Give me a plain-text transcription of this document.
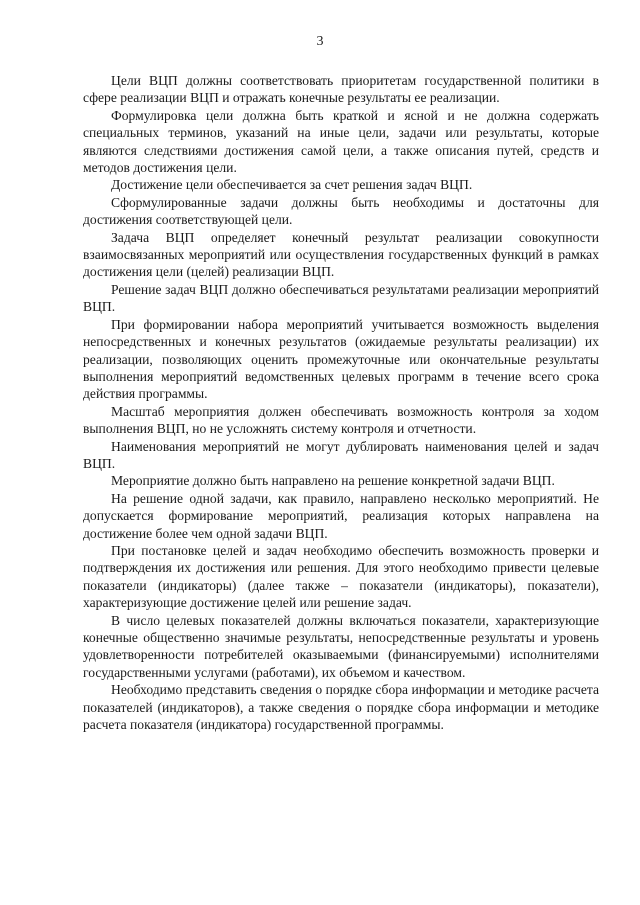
3

Цели ВЦП должны соответствовать приоритетам государственной политики в сфере реализации ВЦП и отражать конечные результаты ее реализации.

Формулировка цели должна быть краткой и ясной и не должна содержать специальных терминов, указаний на иные цели, задачи или результаты, которые являются следствиями достижения самой цели, а также описания путей, средств и методов достижения цели.

Достижение цели обеспечивается за счет решения задач ВЦП.

Сформулированные задачи должны быть необходимы и достаточны для достижения соответствующей цели.

Задача ВЦП определяет конечный результат реализации совокупности взаимосвязанных мероприятий или осуществления государственных функций в рамках достижения цели (целей) реализации ВЦП.

Решение задач ВЦП должно обеспечиваться результатами реализации мероприятий ВЦП.

При формировании набора мероприятий учитывается возможность выделения непосредственных и конечных результатов (ожидаемые результаты реализации) их реализации, позволяющих оценить промежуточные или окончательные результаты выполнения мероприятий ведомственных целевых программ в течение всего срока действия программы.

Масштаб мероприятия должен обеспечивать возможность контроля за ходом выполнения ВЦП, но не усложнять систему контроля и отчетности.

Наименования мероприятий не могут дублировать наименования целей и задач ВЦП.

Мероприятие должно быть направлено на решение конкретной задачи ВЦП.

На решение одной задачи, как правило, направлено несколько мероприятий. Не допускается формирование мероприятий, реализация которых направлена на достижение более чем одной задачи ВЦП.

При постановке целей и задач необходимо обеспечить возможность проверки и подтверждения их достижения или решения. Для этого необходимо привести целевые показатели (индикаторы) (далее также – показатели (индикаторы), показатели), характеризующие достижение целей или решение задач.

В число целевых показателей должны включаться показатели, характеризующие конечные общественно значимые результаты, непосредственные результаты и уровень удовлетворенности потребителей оказываемыми (финансируемыми) исполнителями государственными услугами (работами), их объемом и качеством.

Необходимо представить сведения о порядке сбора информации и методике расчета показателей (индикаторов), а также сведения о порядке сбора информации и методике расчета показателя (индикатора) государственной программы.
